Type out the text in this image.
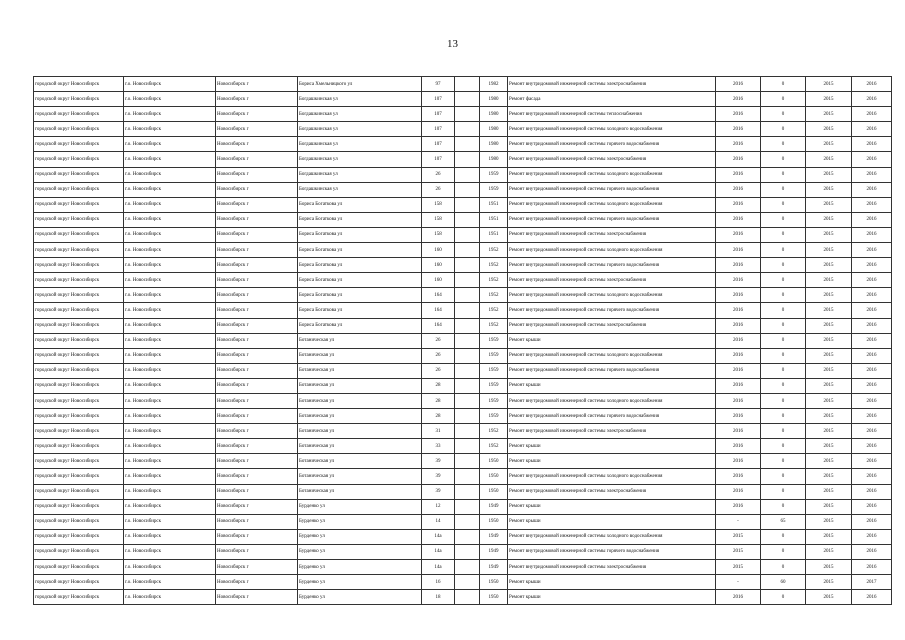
13
городской округ Новосибирск	г.о. Новосибирск	Новосибирск г	Бориса Хмельницкого ул	97		1982	Ремонт внутридомовой инженерной системы электроснабжения	2016	0	2015	2016
городской округ Новосибирск	г.о. Новосибирск	Новосибирск г	Богдашкинская ул	107		1980	Ремонт фасада	2016	0	2015	2016
городской округ Новосибирск	г.о. Новосибирск	Новосибирск г	Богдашкинская ул	107		1980	Ремонт внутридомовой инженерной системы теплоснабжения	2016	0	2015	2016
городской округ Новосибирск	г.о. Новосибирск	Новосибирск г	Богдашкинская ул	107		1980	Ремонт внутридомовой инженерной системы холодного водоснабжения	2016	0	2015	2016
городской округ Новосибирск	г.о. Новосибирск	Новосибирск г	Богдашкинская ул	107		1980	Ремонт внутридомовой инженерной системы горячего водоснабжения	2016	0	2015	2016
городской округ Новосибирск	г.о. Новосибирск	Новосибирск г	Богдашкинская ул	107		1980	Ремонт внутридомовой инженерной системы электроснабжения	2016	0	2015	2016
городской округ Новосибирск	г.о. Новосибирск	Новосибирск г	Богдашкинская ул	26		1959	Ремонт внутридомовой инженерной системы холодного водоснабжения	2016	0	2015	2016
городской округ Новосибирск	г.о. Новосибирск	Новосибирск г	Богдашкинская ул	26		1959	Ремонт внутридомовой инженерной системы горячего водоснабжения	2016	0	2015	2016
городской округ Новосибирск	г.о. Новосибирск	Новосибирск г	Бориса Богаткова ул	158		1951	Ремонт внутридомовой инженерной системы холодного водоснабжения	2016	0	2015	2016
городской округ Новосибирск	г.о. Новосибирск	Новосибирск г	Бориса Богаткова ул	158		1951	Ремонт внутридомовой инженерной системы горячего водоснабжения	2016	0	2015	2016
городской округ Новосибирск	г.о. Новосибирск	Новосибирск г	Бориса Богаткова ул	158		1951	Ремонт внутридомовой инженерной системы электроснабжения	2016	0	2015	2016
городской округ Новосибирск	г.о. Новосибирск	Новосибирск г	Бориса Богаткова ул	160		1952	Ремонт внутридомовой инженерной системы холодного водоснабжения	2016	0	2015	2016
городской округ Новосибирск	г.о. Новосибирск	Новосибирск г	Бориса Богаткова ул	160		1952	Ремонт внутридомовой инженерной системы горячего водоснабжения	2016	0	2015	2016
городской округ Новосибирск	г.о. Новосибирск	Новосибирск г	Бориса Богаткова ул	160		1952	Ремонт внутридомовой инженерной системы электроснабжения	2016	0	2015	2016
городской округ Новосибирск	г.о. Новосибирск	Новосибирск г	Бориса Богаткова ул	164		1952	Ремонт внутридомовой инженерной системы холодного водоснабжения	2016	0	2015	2016
городской округ Новосибирск	г.о. Новосибирск	Новосибирск г	Бориса Богаткова ул	164		1952	Ремонт внутридомовой инженерной системы горячего водоснабжения	2016	0	2015	2016
городской округ Новосибирск	г.о. Новосибирск	Новосибирск г	Бориса Богаткова ул	164		1952	Ремонт внутридомовой инженерной системы электроснабжения	2016	0	2015	2016
городской округ Новосибирск	г.о. Новосибирск	Новосибирск г	Ботаническая ул	26		1959	Ремонт крыши	2016	0	2015	2016
городской округ Новосибирск	г.о. Новосибирск	Новосибирск г	Ботаническая ул	26		1959	Ремонт внутридомовой инженерной системы холодного водоснабжения	2016	0	2015	2016
городской округ Новосибирск	г.о. Новосибирск	Новосибирск г	Ботаническая ул	26		1959	Ремонт внутридомовой инженерной системы горячего водоснабжения	2016	0	2015	2016
городской округ Новосибирск	г.о. Новосибирск	Новосибирск г	Ботаническая ул	28		1959	Ремонт крыши	2016	0	2015	2016
городской округ Новосибирск	г.о. Новосибирск	Новосибирск г	Ботаническая ул	28		1959	Ремонт внутридомовой инженерной системы холодного водоснабжения	2016	0	2015	2016
городской округ Новосибирск	г.о. Новосибирск	Новосибирск г	Ботаническая ул	28		1959	Ремонт внутридомовой инженерной системы горячего водоснабжения	2016	0	2015	2016
городской округ Новосибирск	г.о. Новосибирск	Новосибирск г	Ботаническая ул	31		1952	Ремонт внутридомовой инженерной системы электроснабжения	2016	0	2015	2016
городской округ Новосибирск	г.о. Новосибирск	Новосибирск г	Ботаническая ул	33		1952	Ремонт крыши	2016	0	2015	2016
городской округ Новосибирск	г.о. Новосибирск	Новосибирск г	Ботаническая ул	39		1950	Ремонт крыши	2016	0	2015	2016
городской округ Новосибирск	г.о. Новосибирск	Новосибирск г	Ботаническая ул	39		1950	Ремонт внутридомовой инженерной системы холодного водоснабжения	2016	0	2015	2016
городской округ Новосибирск	г.о. Новосибирск	Новосибирск г	Ботаническая ул	39		1950	Ремонт внутридомовой инженерной системы электроснабжения	2016	0	2015	2016
городской округ Новосибирск	г.о. Новосибирск	Новосибирск г	Бурденко ул	12		1949	Ремонт крыши	2016	0	2015	2016
городской округ Новосибирск	г.о. Новосибирск	Новосибирск г	Бурденко ул	14		1950	Ремонт крыши	-	65	2015	2016
городской округ Новосибирск	г.о. Новосибирск	Новосибирск г	Бурденко ул	14а		1949	Ремонт внутридомовой инженерной системы холодного водоснабжения	2015	0	2015	2016
городской округ Новосибирск	г.о. Новосибирск	Новосибирск г	Бурденко ул	14а		1949	Ремонт внутридомовой инженерной системы горячего водоснабжения	2015	0	2015	2016
городской округ Новосибирск	г.о. Новосибирск	Новосибирск г	Бурденко ул	14а		1949	Ремонт внутридомовой инженерной системы электроснабжения	2015	0	2015	2016
городской округ Новосибирск	г.о. Новосибирск	Новосибирск г	Бурденко ул	16		1950	Ремонт крыши	-	60	2015	2017
городской округ Новосибирск	г.о. Новосибирск	Новосибирск г	Бурденко ул	18		1950	Ремонт крыши	2016	0	2015	2016
